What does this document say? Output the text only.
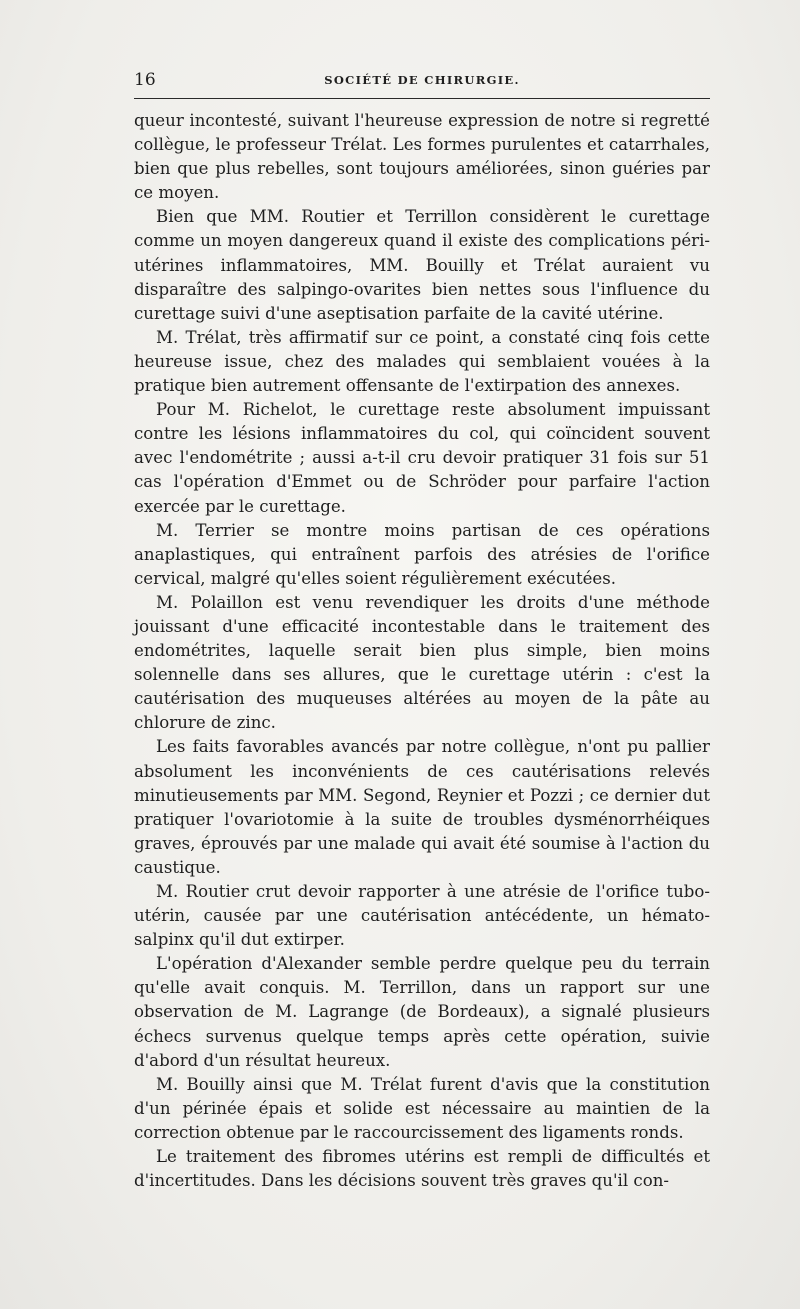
16	SOCIÉTÉ DE CHIRURGIE.

queur incontesté, suivant l'heureuse expression de notre si regretté collègue, le professeur Trélat. Les formes purulentes et catarrhales, bien que plus rebelles, sont toujours améliorées, sinon guéries par ce moyen.

Bien que MM. Routier et Terrillon considèrent le curettage comme un moyen dangereux quand il existe des complications péri-utérines inflammatoires, MM. Bouilly et Trélat auraient vu disparaître des salpingo-ovarites bien nettes sous l'influence du curettage suivi d'une aseptisation parfaite de la cavité utérine.

M. Trélat, très affirmatif sur ce point, a constaté cinq fois cette heureuse issue, chez des malades qui semblaient vouées à la pratique bien autrement offensante de l'extirpation des annexes.

Pour M. Richelot, le curettage reste absolument impuissant contre les lésions inflammatoires du col, qui coïncident souvent avec l'endométrite ; aussi a-t-il cru devoir pratiquer 31 fois sur 51 cas l'opération d'Emmet ou de Schröder pour parfaire l'action exercée par le curettage.

M. Terrier se montre moins partisan de ces opérations anaplastiques, qui entraînent parfois des atrésies de l'orifice cervical, malgré qu'elles soient régulièrement exécutées.

M. Polaillon est venu revendiquer les droits d'une méthode jouissant d'une efficacité incontestable dans le traitement des endométrites, laquelle serait bien plus simple, bien moins solennelle dans ses allures, que le curettage utérin : c'est la cautérisation des muqueuses altérées au moyen de la pâte au chlorure de zinc.

Les faits favorables avancés par notre collègue, n'ont pu pallier absolument les inconvénients de ces cautérisations relevés minutieusements par MM. Segond, Reynier et Pozzi ; ce dernier dut pratiquer l'ovariotomie à la suite de troubles dysménorrhéiques graves, éprouvés par une malade qui avait été soumise à l'action du caustique.

M. Routier crut devoir rapporter à une atrésie de l'orifice tubo-utérin, causée par une cautérisation antécédente, un hémato-salpinx qu'il dut extirper.

L'opération d'Alexander semble perdre quelque peu du terrain qu'elle avait conquis. M. Terrillon, dans un rapport sur une observation de M. Lagrange (de Bordeaux), a signalé plusieurs échecs survenus quelque temps après cette opération, suivie d'abord d'un résultat heureux.

M. Bouilly ainsi que M. Trélat furent d'avis que la constitution d'un périnée épais et solide est nécessaire au maintien de la correction obtenue par le raccourcissement des ligaments ronds.

Le traitement des fibromes utérins est rempli de difficultés et d'incertitudes. Dans les décisions souvent très graves qu'il con-
